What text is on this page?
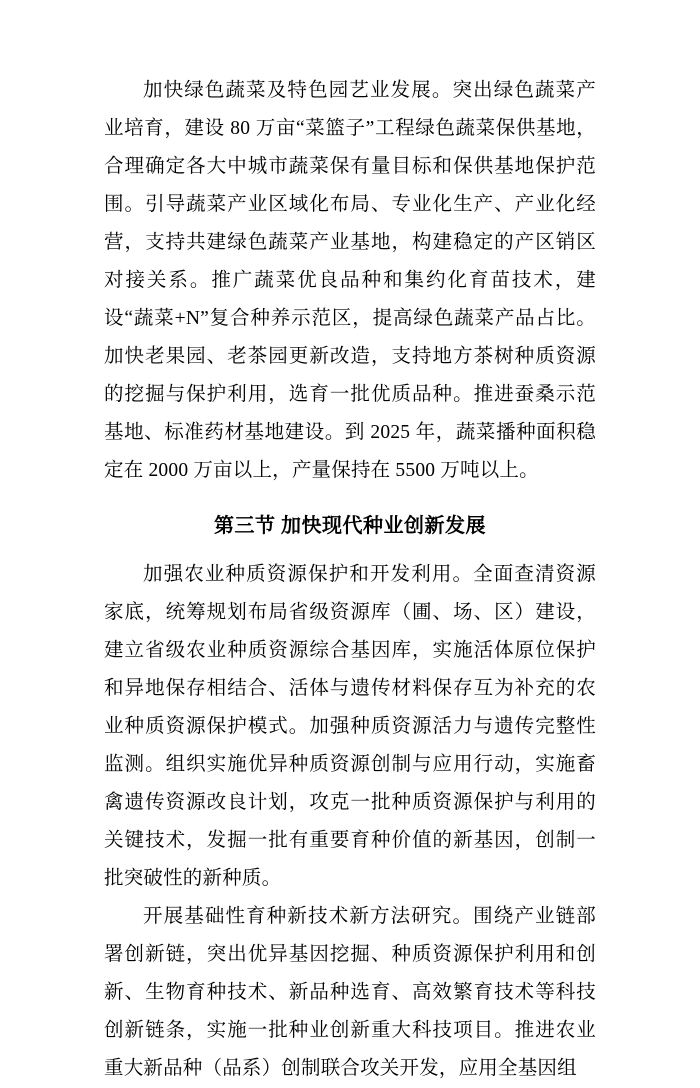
加快绿色蔬菜及特色园艺业发展。突出绿色蔬菜产业培育，建设 80 万亩“菜篮子”工程绿色蔬菜保供基地，合理确定各大中城市蔬菜保有量目标和保供基地保护范围。引导蔬菜产业区域化布局、专业化生产、产业化经营，支持共建绿色蔬菜产业基地，构建稳定的产区销区对接关系。推广蔬菜优良品种和集约化育苗技术，建设“蔬菜+N”复合种养示范区，提高绿色蔬菜产品占比。加快老果园、老茶园更新改造，支持地方茶树种质资源的挖掘与保护利用，选育一批优质品种。推进蚕桑示范基地、标准药材基地建设。到 2025 年，蔬菜播种面积稳定在 2000 万亩以上，产量保持在 5500 万吨以上。

第三节 加快现代种业创新发展

加强农业种质资源保护和开发利用。全面查清资源家底，统筹规划布局省级资源库（圃、场、区）建设，建立省级农业种质资源综合基因库，实施活体原位保护和异地保存相结合、活体与遗传材料保存互为补充的农业种质资源保护模式。加强种质资源活力与遗传完整性监测。组织实施优异种质资源创制与应用行动，实施畜禽遗传资源改良计划，攻克一批种质资源保护与利用的关键技术，发掘一批有重要育种价值的新基因，创制一批突破性的新种质。

开展基础性育种新技术新方法研究。围绕产业链部署创新链，突出优异基因挖掘、种质资源保护利用和创新、生物育种技术、新品种选育、高效繁育技术等科技创新链条，实施一批种业创新重大科技项目。推进农业重大新品种（品系）创制联合攻关开发，应用全基因组
